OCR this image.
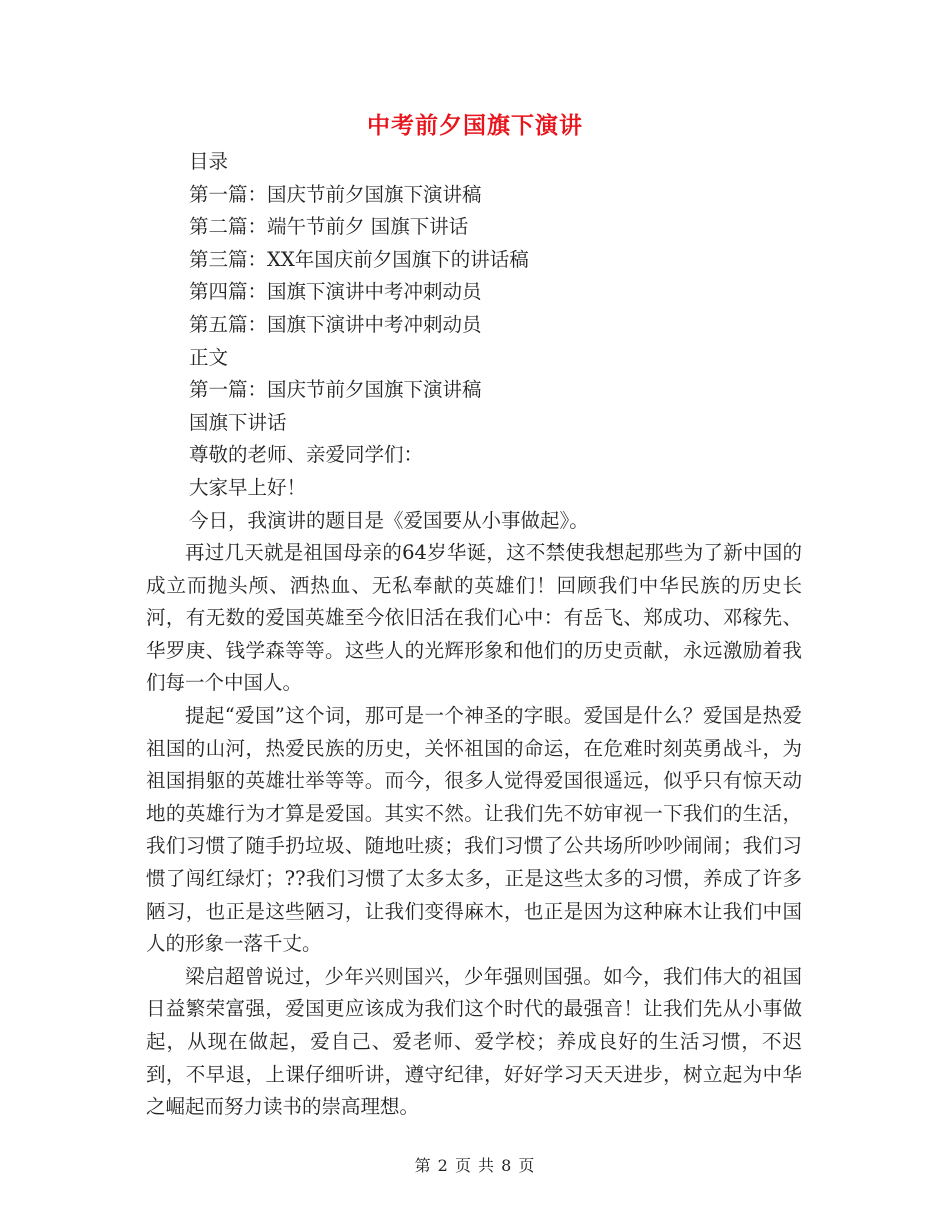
中考前夕国旗下演讲
目录
第一篇：国庆节前夕国旗下演讲稿
第二篇：端午节前夕 国旗下讲话
第三篇：XX年国庆前夕国旗下的讲话稿
第四篇：国旗下演讲中考冲刺动员
第五篇：国旗下演讲中考冲刺动员
正文
第一篇：国庆节前夕国旗下演讲稿
国旗下讲话
尊敬的老师、亲爱同学们：
大家早上好！
今日，我演讲的题目是《爱国要从小事做起》。

再过几天就是祖国母亲的64岁华诞，这不禁使我想起那些为了新中国的成立而抛头颅、洒热血、无私奉献的英雄们！回顾我们中华民族的历史长河，有无数的爱国英雄至今依旧活在我们心中：有岳飞、郑成功、邓稼先、华罗庚、钱学森等等。这些人的光辉形象和他们的历史贡献，永远激励着我们每一个中国人。

提起“爱国”这个词，那可是一个神圣的字眼。爱国是什么？爱国是热爱祖国的山河，热爱民族的历史，关怀祖国的命运，在危难时刻英勇战斗，为祖国捐躯的英雄壮举等等。而今，很多人觉得爱国很遥远，似乎只有惊天动地的英雄行为才算是爱国。其实不然。让我们先不妨审视一下我们的生活，我们习惯了随手扔垃圾、随地吐痰；我们习惯了公共场所吵吵闹闹；我们习惯了闯红绿灯；??我们习惯了太多太多，正是这些太多的习惯，养成了许多陋习，也正是这些陋习，让我们变得麻木，也正是因为这种麻木让我们中国人的形象一落千丈。

梁启超曾说过，少年兴则国兴，少年强则国强。如今，我们伟大的祖国日益繁荣富强，爱国更应该成为我们这个时代的最强音！让我们先从小事做起，从现在做起，爱自己、爱老师、爱学校；养成良好的生活习惯，不迟到，不早退，上课仔细听讲，遵守纪律，好好学习天天进步，树立起为中华之崛起而努力读书的崇高理想。

第 2 页 共 8 页
